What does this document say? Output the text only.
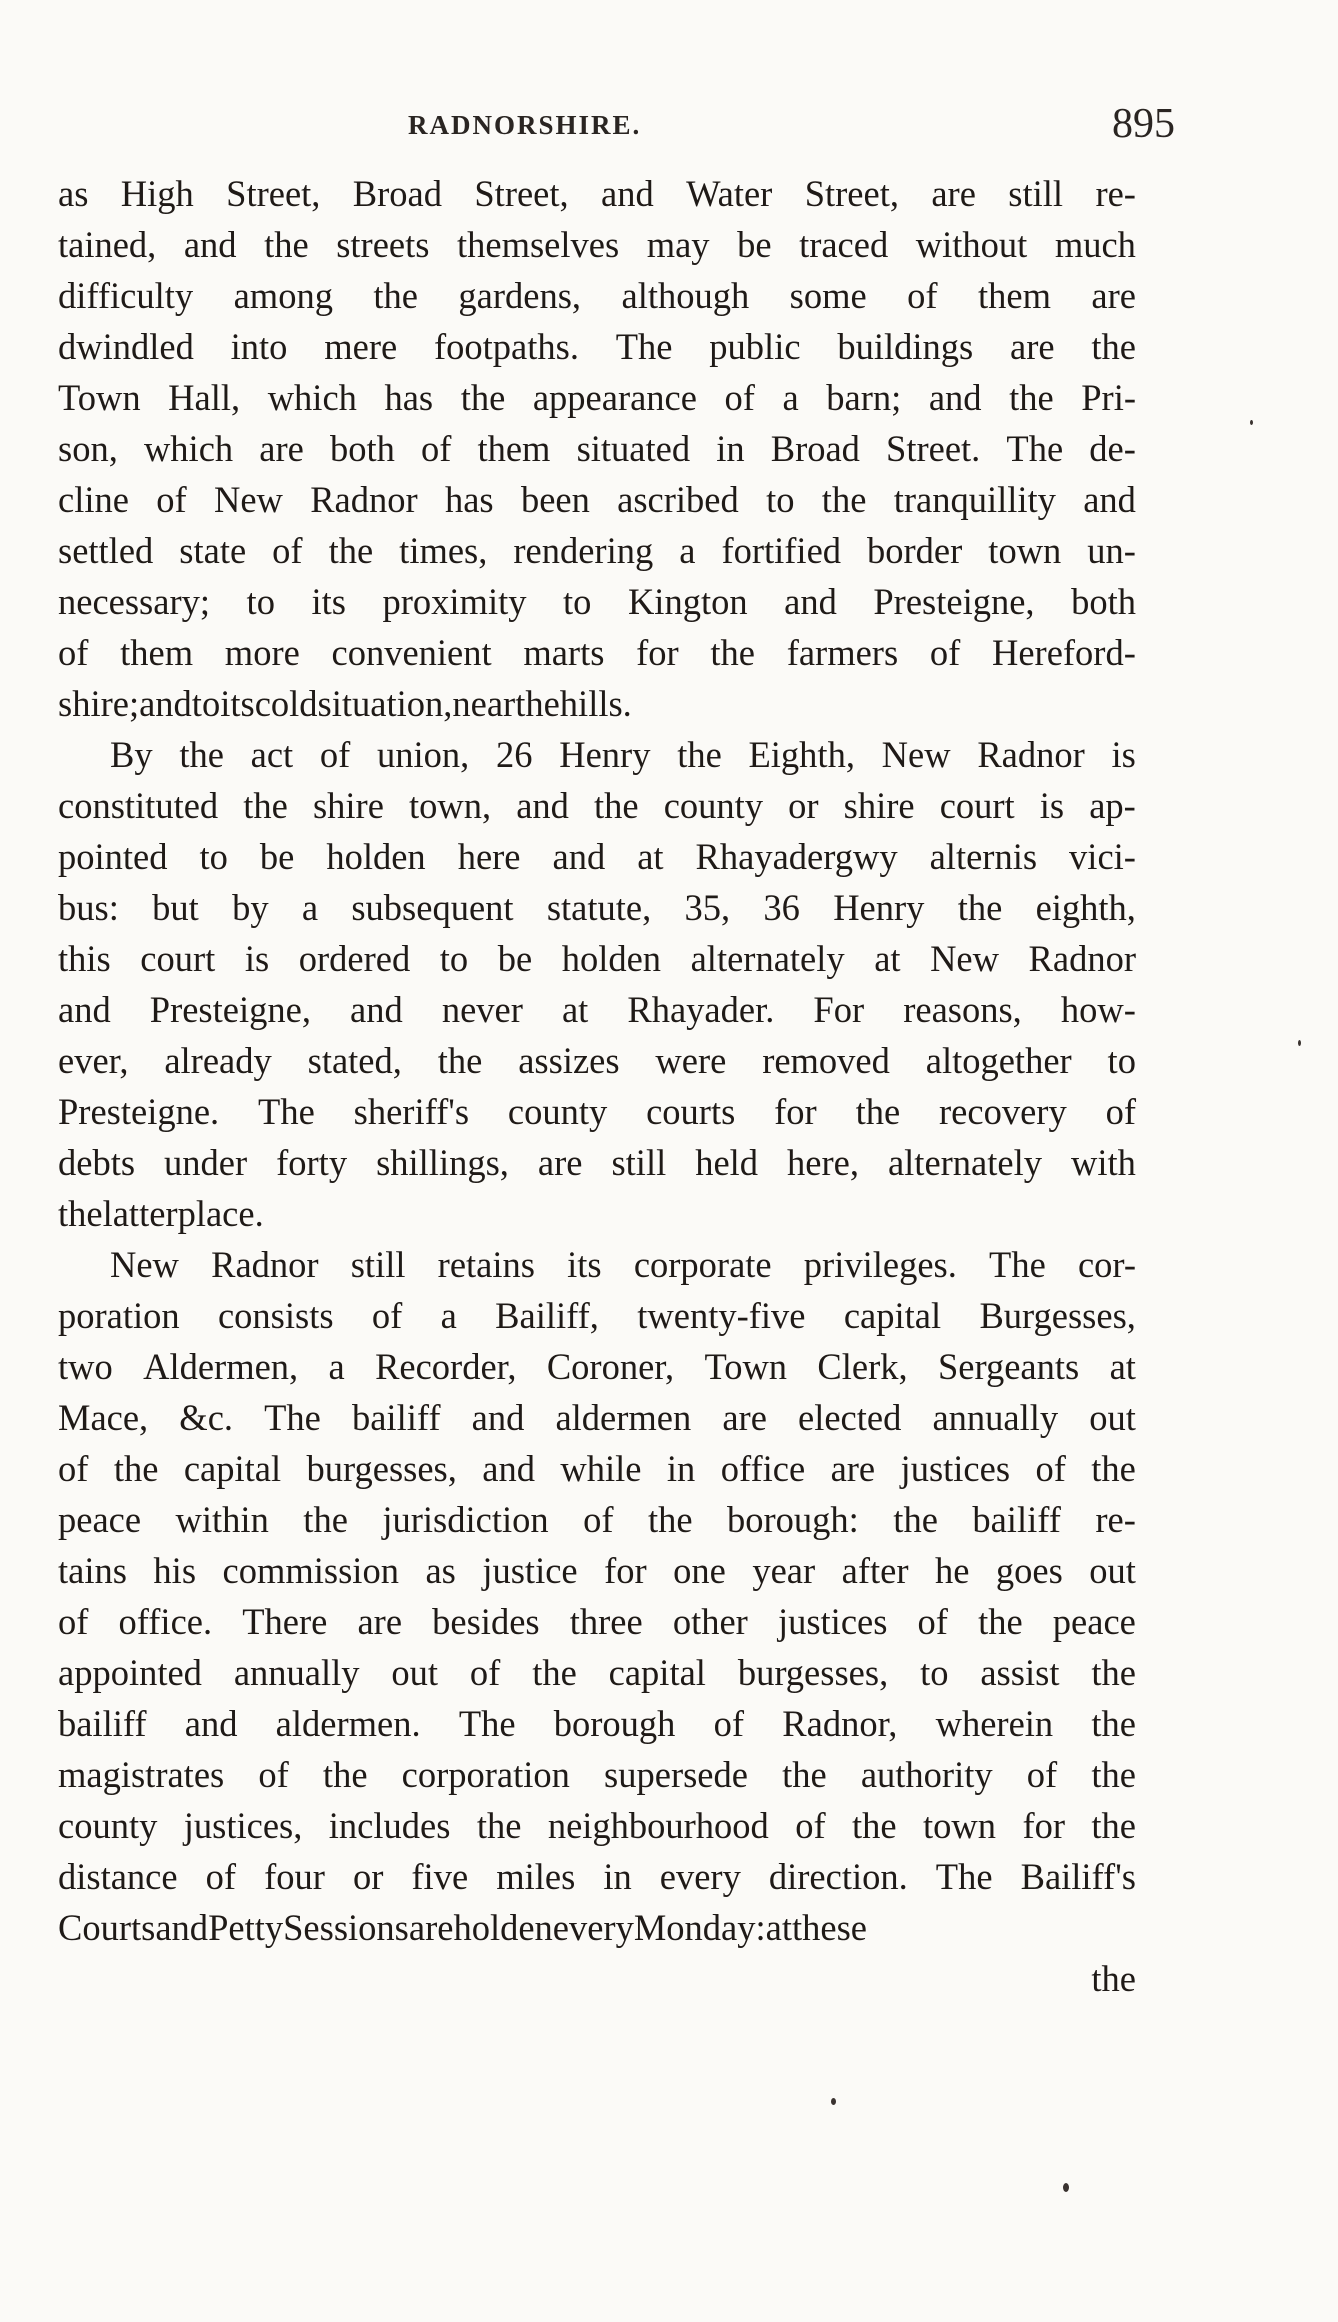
RADNORSHIRE.	895
as High Street, Broad Street, and Water Street, are still re-
tained, and the streets themselves may be traced without much
difficulty among the gardens, although some of them are
dwindled into mere footpaths. The public buildings are the
Town Hall, which has the appearance of a barn; and the Pri-
son, which are both of them situated in Broad Street. The de-
cline of New Radnor has been ascribed to the tranquillity and
settled state of the times, rendering a fortified border town un-
necessary; to its proximity to Kington and Presteigne, both
of them more convenient marts for the farmers of Hereford-
shire; and to its cold situation, near the hills.
By the act of union, 26 Henry the Eighth, New Radnor is
constituted the shire town, and the county or shire court is ap-
pointed to be holden here and at Rhayadergwy alternis vici-
bus: but by a subsequent statute, 35, 36 Henry the eighth,
this court is ordered to be holden alternately at New Radnor
and Presteigne, and never at Rhayader. For reasons, how-
ever, already stated, the assizes were removed altogether to
Presteigne. The sheriff's county courts for the recovery of
debts under forty shillings, are still held here, alternately with
the latter place.
New Radnor still retains its corporate privileges. The cor-
poration consists of a Bailiff, twenty-five capital Burgesses,
two Aldermen, a Recorder, Coroner, Town Clerk, Sergeants at
Mace, &c. The bailiff and aldermen are elected annually out
of the capital burgesses, and while in office are justices of the
peace within the jurisdiction of the borough: the bailiff re-
tains his commission as justice for one year after he goes out
of office. There are besides three other justices of the peace
appointed annually out of the capital burgesses, to assist the
bailiff and aldermen. The borough of Radnor, wherein the
magistrates of the corporation supersede the authority of the
county justices, includes the neighbourhood of the town for the
distance of four or five miles in every direction. The Bailiff's
Courts and Petty Sessions are holden every Monday: at these
the
